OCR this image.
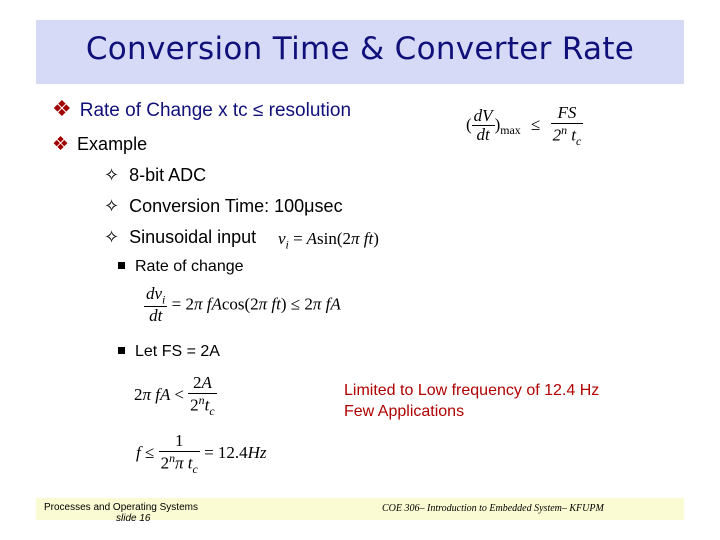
Conversion Time & Converter Rate
❖ Rate of Change x tc ≤ resolution
❖ Example
✧ 8-bit ADC
✧ Conversion Time: 100μsec
✧ Sinusoidal input
Rate of change
Let FS = 2A
( $\frac{dV}{dt} )_{max} \le \frac{FS}{2^n t_c}$
$v_i = Asin(2\pi$ ft)
$\frac{dv_i}{dt} = 2\pi$ fAcos(2π ft) ≤ 2π fA
2π fA < $\frac{2A}{2^nt_c}$
$f \le \frac{1}{2^n\pi t_c} = 12.4Hz$
Limited to Low frequency of 12.4 Hz
Few Applications
Processes and Operating Systems
slide 16
COE 306– Introduction to Embedded System– KFUPM
